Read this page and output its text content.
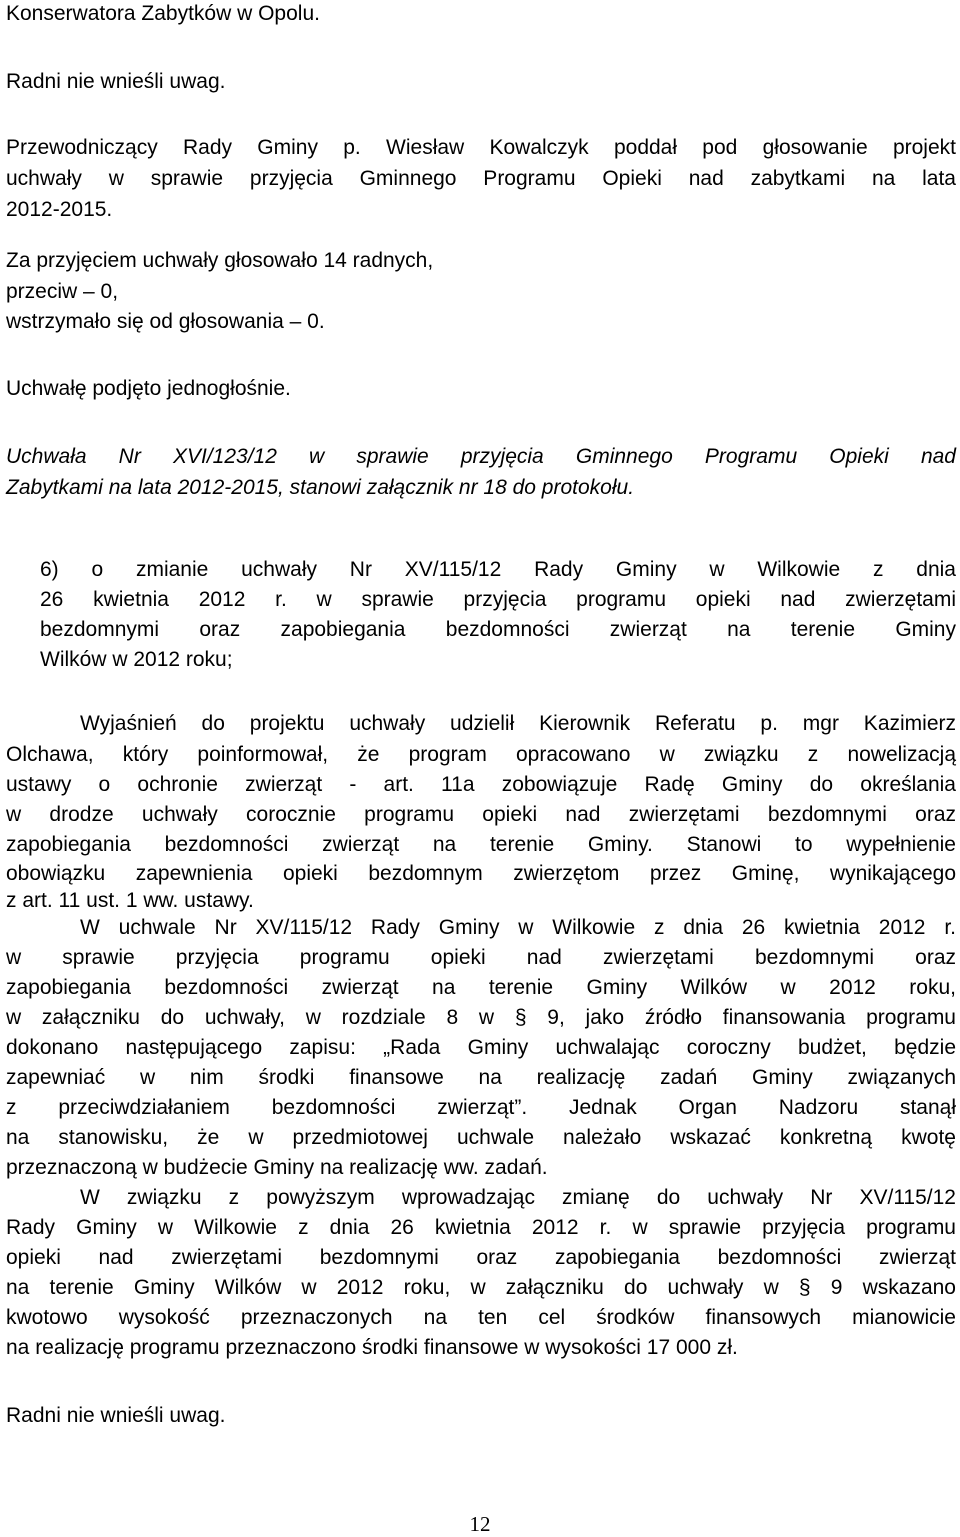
Konserwatora Zabytków w Opolu.
Radni nie wnieśli uwag.
Przewodniczący Rady Gminy p. Wiesław Kowalczyk poddał pod głosowanie projekt
uchwały w sprawie przyjęcia Gminnego Programu Opieki nad zabytkami na lata
2012-2015.
Za przyjęciem uchwały głosowało 14 radnych,
przeciw – 0,
wstrzymało się od głosowania – 0.
Uchwałę podjęto jednogłośnie.
Uchwała Nr XVI/123/12 w sprawie przyjęcia Gminnego Programu Opieki nad
Zabytkami na lata 2012-2015, stanowi załącznik nr 18 do protokołu.
6) o zmianie uchwały Nr XV/115/12 Rady Gminy w Wilkowie z dnia
26 kwietnia 2012 r. w sprawie przyjęcia programu opieki nad zwierzętami
bezdomnymi oraz zapobiegania bezdomności zwierząt na terenie Gminy
Wilków w 2012 roku;
Wyjaśnień do projektu uchwały udzielił Kierownik Referatu p. mgr Kazimierz
Olchawa, który poinformował, że program opracowano w związku z nowelizacją
ustawy o ochronie zwierząt - art. 11a zobowiązuje Radę Gminy do określania
w drodze uchwały corocznie programu opieki nad zwierzętami bezdomnymi oraz
zapobiegania bezdomności zwierząt na terenie Gminy. Stanowi to wypełnienie
obowiązku zapewnienia opieki bezdomnym zwierzętom przez Gminę, wynikającego
z art. 11 ust. 1 ww. ustawy.
W uchwale Nr XV/115/12 Rady Gminy w Wilkowie z dnia 26 kwietnia 2012 r.
w sprawie przyjęcia programu opieki nad zwierzętami bezdomnymi oraz
zapobiegania bezdomności zwierząt na terenie Gminy Wilków w 2012 roku,
w załączniku do uchwały, w rozdziale 8 w § 9, jako źródło finansowania programu
dokonano następującego zapisu: „Rada Gminy uchwalając coroczny budżet, będzie
zapewniać w nim środki finansowe na realizację zadań Gminy związanych
z przeciwdziałaniem bezdomności zwierząt”. Jednak Organ Nadzoru stanął
na stanowisku, że w przedmiotowej uchwale należało wskazać konkretną kwotę
przeznaczoną w budżecie Gminy na realizację ww. zadań.
W związku z powyższym wprowadzając zmianę do uchwały Nr XV/115/12
Rady Gminy w Wilkowie z dnia 26 kwietnia 2012 r. w sprawie przyjęcia programu
opieki nad zwierzętami bezdomnymi oraz zapobiegania bezdomności zwierząt
na terenie Gminy Wilków w 2012 roku, w załączniku do uchwały w § 9 wskazano
kwotowo wysokość przeznaczonych na ten cel środków finansowych mianowicie
na realizację programu przeznaczono środki finansowe w wysokości 17 000 zł.
Radni nie wnieśli uwag.
12
